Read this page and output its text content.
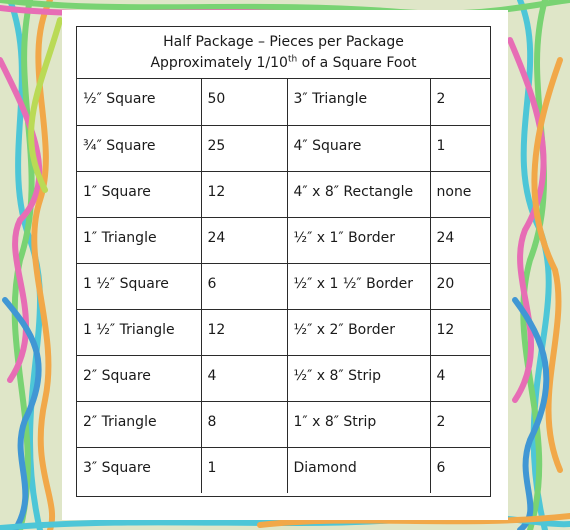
Half Package – Pieces per Package
Approximately 1/10th of a Square Foot
½″ Square	50	3″ Triangle	2
¾″ Square	25	4″ Square	1
1″ Square	12	4″ x 8″ Rectangle	none
1″ Triangle	24	½″ x 1″ Border	24
1 ½″ Square	6	½″ x 1 ½″ Border	20
1 ½″ Triangle	12	½″ x 2″ Border	12
2″ Square	4	½″ x 8″ Strip	4
2″ Triangle	8	1″ x 8″ Strip	2
3″ Square	1	Diamond	6
